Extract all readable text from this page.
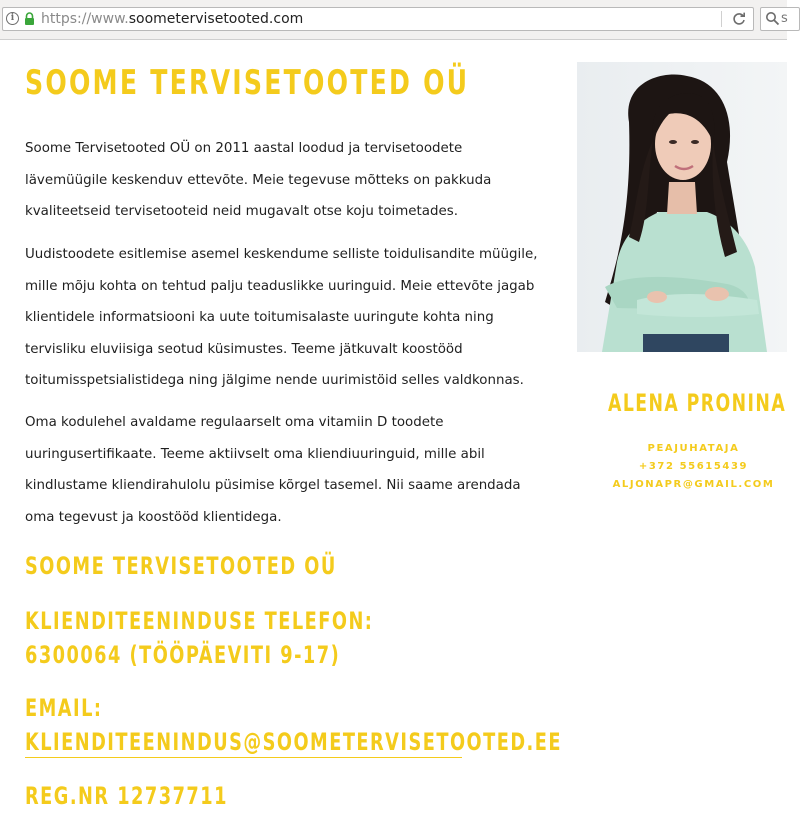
i	https://www.soometervisetooted.com	s
SOOME TERVISETOOTED OÜ

Soome Tervisetooted OÜ on 2011 aastal loodud ja tervisetoodete lävemüügile keskenduv ettevõte. Meie tegevuse mõtteks on pakkuda kvaliteetseid tervisetooteid neid mugavalt otse koju toimetades.

Uudistoodete esitlemise asemel keskendume selliste toidulisandite müügile, mille mõju kohta on tehtud palju teaduslikke uuringuid. Meie ettevõte jagab klientidele informatsiooni ka uute toitumisalaste uuringute kohta ning tervisliku eluviisiga seotud küsimustes. Teeme jätkuvalt koostööd toitumisspetsialistidega ning jälgime nende uurimistöid selles valdkonnas.

Oma kodulehel avaldame regulaarselt oma vitamiin D toodete uuringusertifikaate. Teeme aktiivselt oma kliendiuuringuid, mille abil kindlustame kliendirahulolu püsimise kõrgel tasemel. Nii saame arendada oma tegevust ja koostööd klientidega.

SOOME TERVISETOOTED OÜ
KLIENDITEENINDUSE TELEFON:
6300064 (TÖÖPÄEVITI 9-17)
EMAIL:
KLIENDITEENINDUS@SOOMETERVISETOOTED.EE
REG.NR 12737711
ALENA PRONINA
PEAJUHATAJA
+372 55615439
ALJONAPR@GMAIL.COM
